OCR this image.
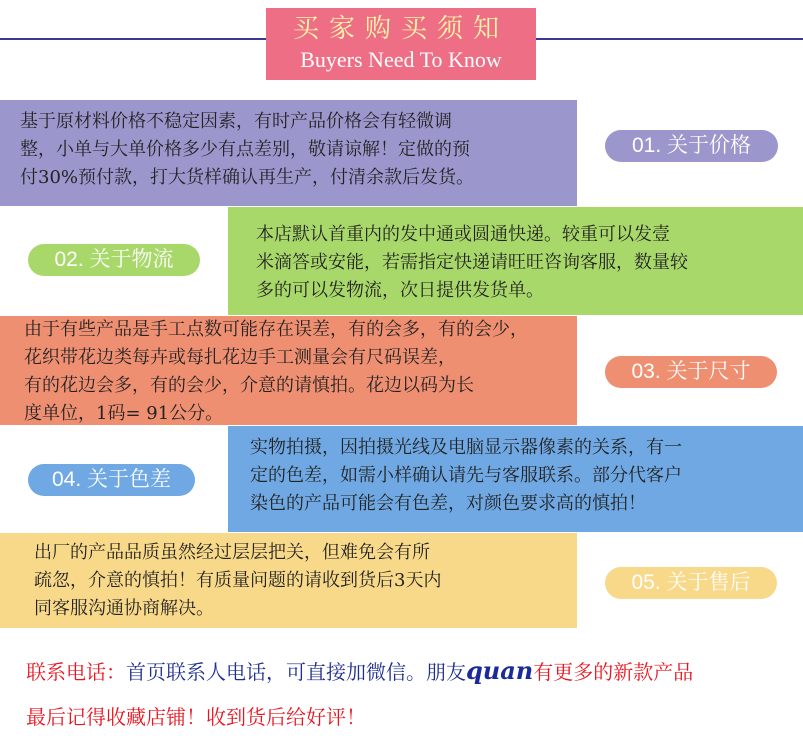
买家购买须知
Buyers Need To Know
基于原材料价格不稳定因素，有时产品价格会有轻微调
整，小单与大单价格多少有点差别，敬请谅解！定做的预
付30%预付款，打大货样确认再生产，付清余款后发货。
01. 关于价格
本店默认首重内的发中通或圆通快递。较重可以发壹
米滴答或安能，若需指定快递请旺旺咨询客服，数量较
多的可以发物流，次日提供发货单。
02. 关于物流
由于有些产品是手工点数可能存在误差，有的会多，有的会少，
花织带花边类每卉或每扎花边手工测量会有尺码误差，
有的花边会多，有的会少，介意的请慎拍。花边以码为长
度单位，1码= 91公分。
03. 关于尺寸
实物拍摄，因拍摄光线及电脑显示器像素的关系，有一
定的色差，如需小样确认请先与客服联系。部分代客户
染色的产品可能会有色差，对颜色要求高的慎拍！
04. 关于色差
出厂的产品品质虽然经过层层把关，但难免会有所
疏忽，介意的慎拍！有质量问题的请收到货后3天内
同客服沟通协商解决。
05. 关于售后
联系电话：首页联系人电话，可直接加微信。朋友quan有更多的新款产品
最后记得收藏店铺！收到货后给好评！
